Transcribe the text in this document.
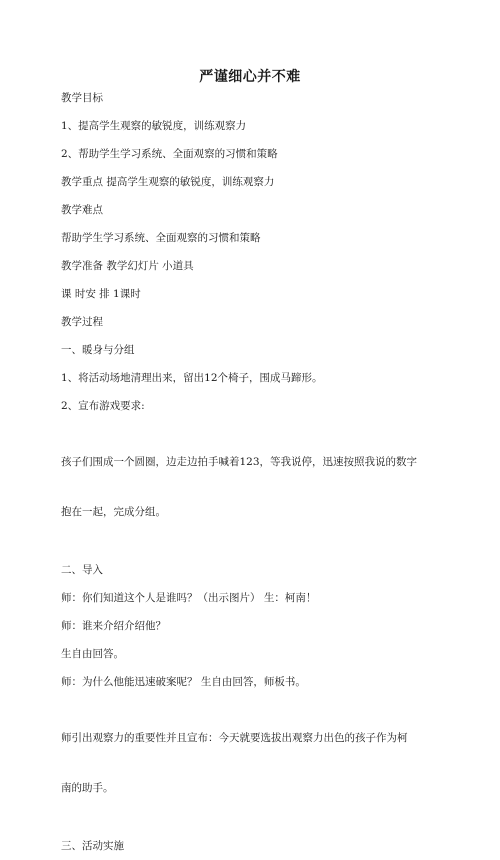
严谨细心并不难

教学目标

1、提高学生观察的敏锐度，训练观察力

2、帮助学生学习系统、全面观察的习惯和策略

教学重点 提高学生观察的敏锐度，训练观察力

教学难点

帮助学生学习系统、全面观察的习惯和策略

教学准备 教学幻灯片 小道具

课 时安 排 1课时

教学过程

一、暖身与分组

1、将活动场地清理出来，留出12个椅子，围成马蹄形。

2、宣布游戏要求:

孩子们围成一个圆圈，边走边拍手喊着123，等我说停，迅速按照我说的数字

抱在一起，完成分组。

二、导入

师：你们知道这个人是谁吗？（出示图片） 生：柯南！

师：谁来介绍介绍他？

生自由回答。

师：为什么他能迅速破案呢？ 生自由回答，师板书。

师引出观察力的重要性并且宣布：今天就要选拔出观察力出色的孩子作为柯

南的助手。

三、活动实施
